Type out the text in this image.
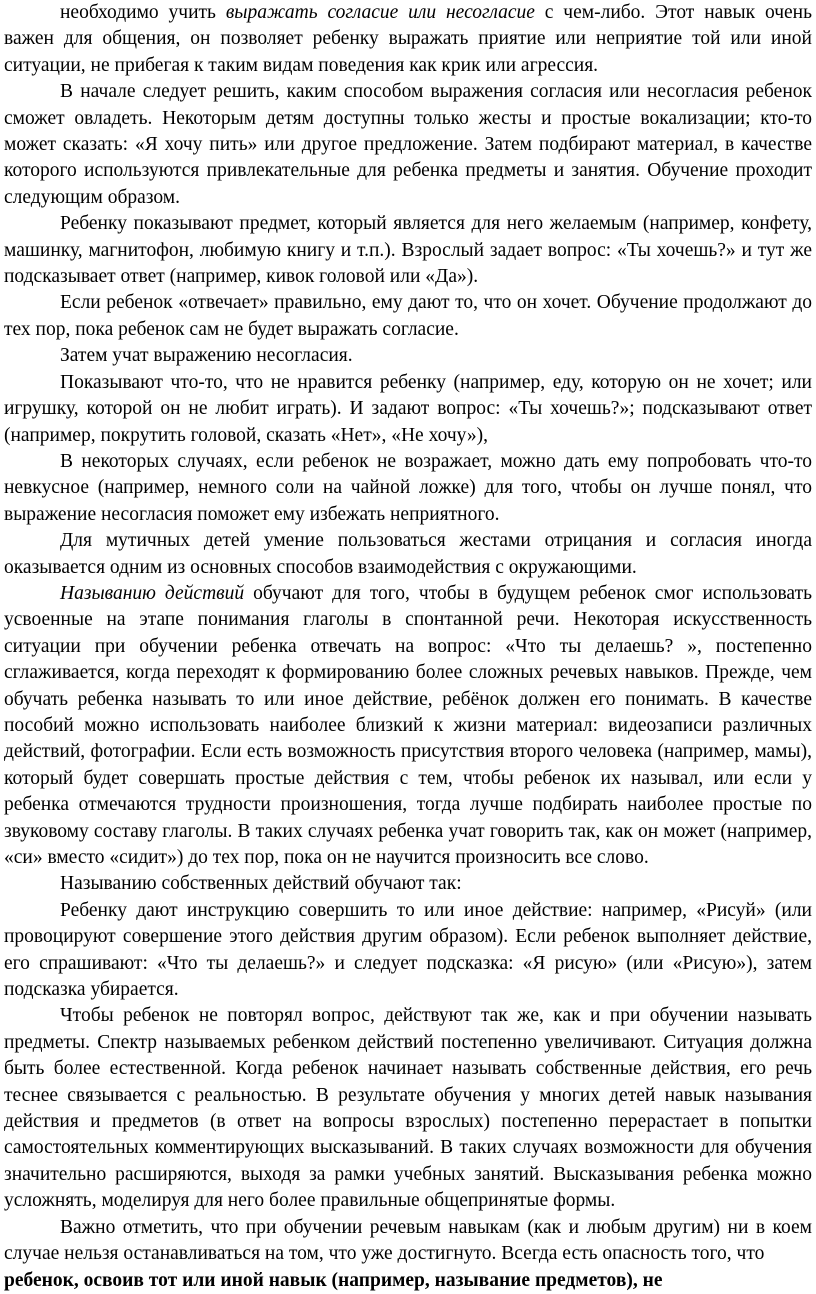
необходимо учить выражать согласие или несогласие с чем-либо. Этот навык очень важен для общения, он позволяет ребенку выражать приятие или неприятие той или иной ситуации, не прибегая к таким видам поведения как крик или агрессия.

В начале следует решить, каким способом выражения согласия или несогласия ребенок сможет овладеть. Некоторым детям доступны только жесты и простые вокализации; кто-то может сказать: «Я хочу пить» или другое предложение. Затем подбирают материал, в качестве которого используются привлекательные для ребенка предметы и занятия. Обучение проходит следующим образом.

Ребенку показывают предмет, который является для него желаемым (например, конфету, машинку, магнитофон, любимую книгу и т.п.). Взрослый задает вопрос: «Ты хочешь?» и тут же подсказывает ответ (например, кивок головой или «Да»).

Если ребенок «отвечает» правильно, ему дают то, что он хочет. Обучение продолжают до тех пор, пока ребенок сам не будет выражать согласие.

Затем учат выражению несогласия.

Показывают что-то, что не нравится ребенку (например, еду, которую он не хочет; или игрушку, которой он не любит играть). И задают вопрос: «Ты хочешь?»; подсказывают ответ (например, покрутить головой, сказать «Нет», «Не хочу»),

В некоторых случаях, если ребенок не возражает, можно дать ему попробовать что-то невкусное (например, немного соли на чайной ложке) для того, чтобы он лучше понял, что выражение несогласия поможет ему избежать неприятного.

Для мутичных детей умение пользоваться жестами отрицания и согласия иногда оказывается одним из основных способов взаимодействия с окружающими.

Называнию действий обучают для того, чтобы в будущем ребенок смог использовать усвоенные на этапе понимания глаголы в спонтанной речи. Некоторая искусственность ситуации при обучении ребенка отвечать на вопрос: «Что ты делаешь? », постепенно сглаживается, когда переходят к формированию более сложных речевых навыков. Прежде, чем обучать ребенка называть то или иное действие, ребёнок должен его понимать. В качестве пособий можно использовать наиболее близкий к жизни материал: видеозаписи различных действий, фотографии. Если есть возможность присутствия второго человека (например, мамы), который будет совершать простые действия с тем, чтобы ребенок их называл, или если у ребенка отмечаются трудности произношения, тогда лучше подбирать наиболее простые по звуковому составу глаголы. В таких случаях ребенка учат говорить так, как он может (например, «си» вместо «сидит») до тех пор, пока он не научится произносить все слово.

Называнию собственных действий обучают так:

Ребенку дают инструкцию совершить то или иное действие: например, «Рисуй» (или провоцируют совершение этого действия другим образом). Если ребенок выполняет действие, его спрашивают: «Что ты делаешь?» и следует подсказка: «Я рисую» (или «Рисую»), затем подсказка убирается.

Чтобы ребенок не повторял вопрос, действуют так же, как и при обучении называть предметы. Спектр называемых ребенком действий постепенно увеличивают. Ситуация должна быть более естественной. Когда ребенок начинает называть собственные действия, его речь теснее связывается с реальностью. В результате обучения у многих детей навык называния действия и предметов (в ответ на вопросы взрослых) постепенно перерастает в попытки самостоятельных комментирующих высказываний. В таких случаях возможности для обучения значительно расширяются, выходя за рамки учебных занятий. Высказывания ребенка можно усложнять, моделируя для него более правильные общепринятые формы.

Важно отметить, что при обучении речевым навыкам (как и любым другим) ни в коем случае нельзя останавливаться на том, что уже достигнуто. Всегда есть опасность того, что

ребенок, освоив тот или иной навык (например, называние предметов), не
